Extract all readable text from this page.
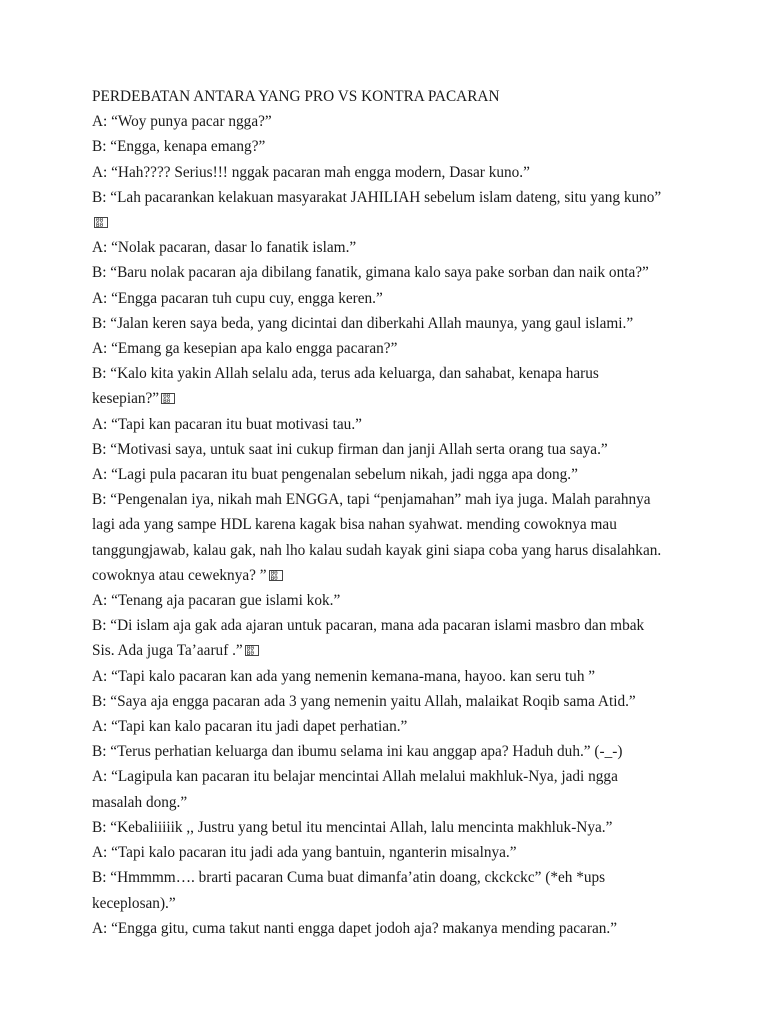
PERDEBATAN ANTARA YANG PRO VS KONTRA PACARAN

A: “Woy punya pacar ngga?”

B: “Engga, kenapa emang?”

A: “Hah???? Serius!!! nggak pacaran mah engga modern, Dasar kuno.”

B: “Lah pacarankan kelakuan masyarakat JAHILIAH sebelum islam dateng, situ yang kuno”

00 B0

A: “Nolak pacaran, dasar lo fanatik islam.”

B: “Baru nolak pacaran aja dibilang fanatik, gimana kalo saya pake sorban dan naik onta?”

A: “Engga pacaran tuh cupu cuy, engga keren.”

B: “Jalan keren saya beda, yang dicintai dan diberkahi Allah maunya, yang gaul islami.”

A: “Emang ga kesepian apa kalo engga pacaran?”

B: “Kalo kita yakin Allah selalu ada, terus ada keluarga, dan sahabat, kenapa harus

kesepian?”00 B0

A: “Tapi kan pacaran itu buat motivasi tau.”

B: “Motivasi saya, untuk saat ini cukup firman dan janji Allah serta orang tua saya.”

A: “Lagi pula pacaran itu buat pengenalan sebelum nikah, jadi ngga apa dong.”

B: “Pengenalan iya, nikah mah ENGGA, tapi “penjamahan” mah iya juga. Malah parahnya

lagi ada yang sampe HDL karena kagak bisa nahan syahwat. mending cowoknya mau

tanggungjawab, kalau gak, nah lho kalau sudah kayak gini siapa coba yang harus disalahkan.

cowoknya atau ceweknya? ”00 B0

A: “Tenang aja pacaran gue islami kok.”

B: “Di islam aja gak ada ajaran untuk pacaran, mana ada pacaran islami masbro dan mbak

Sis. Ada juga Ta’aaruf .”00 B0

A: “Tapi kalo pacaran kan ada yang nemenin kemana-mana, hayoo. kan seru tuh ”

B: “Saya aja engga pacaran ada 3 yang nemenin yaitu Allah, malaikat Roqib sama Atid.”

A: “Tapi kan kalo pacaran itu jadi dapet perhatian.”

B: “Terus perhatian keluarga dan ibumu selama ini kau anggap apa? Haduh duh.” (-_-)

A: “Lagipula kan pacaran itu belajar mencintai Allah melalui makhluk-Nya, jadi ngga

masalah dong.”

B: “Kebaliiiiik ,, Justru yang betul itu mencintai Allah, lalu mencinta makhluk-Nya.”

A: “Tapi kalo pacaran itu jadi ada yang bantuin, nganterin misalnya.”

B: “Hmmmm…. brarti pacaran Cuma buat dimanfa’atin doang, ckckckc” (*eh *ups

keceplosan).”

A: “Engga gitu, cuma takut nanti engga dapet jodoh aja? makanya mending pacaran.”
